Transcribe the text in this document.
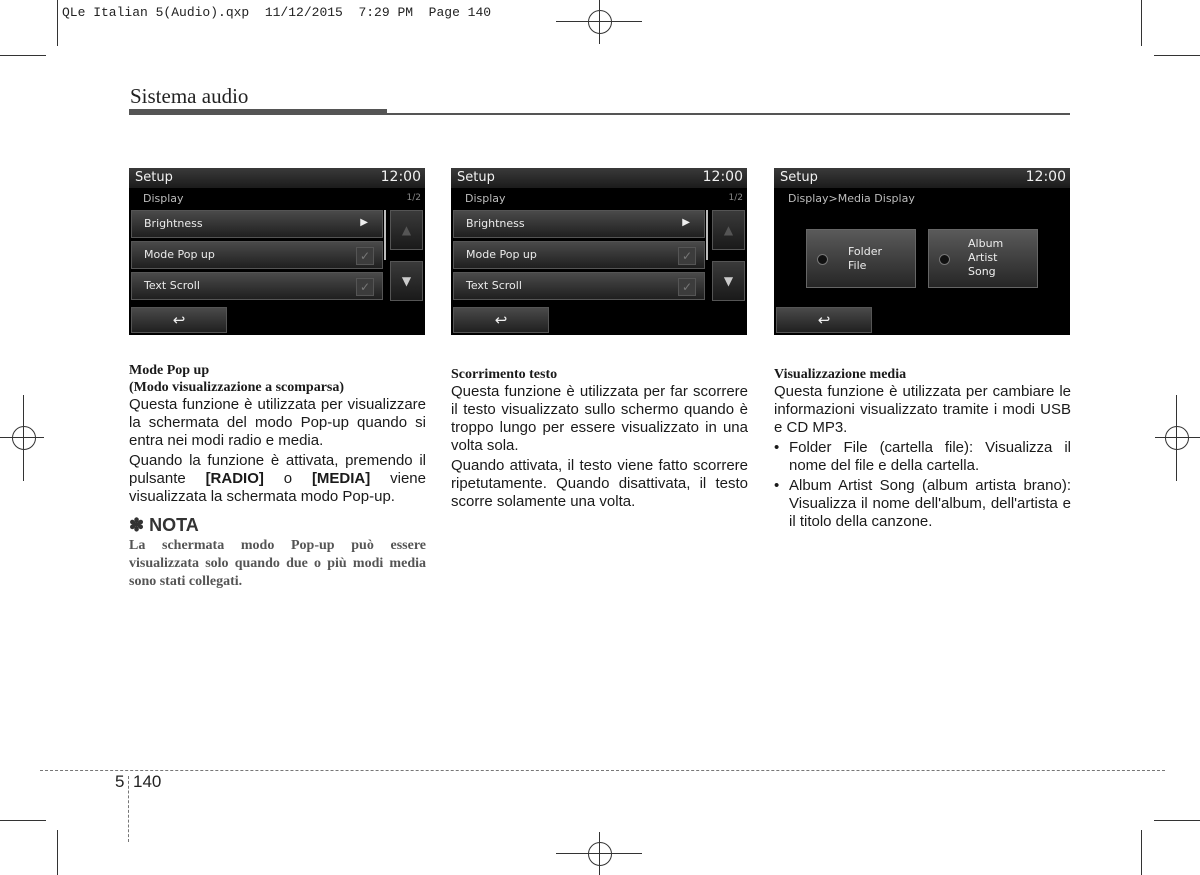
QLe Italian 5(Audio).qxp  11/12/2015  7:29 PM  Page 140
Sistema audio
Setup	12:00
Display	1/2
Brightness	▶
Mode Pop up	✓
Text Scroll	✓
▲
▼
↩
Setup	12:00
Display	1/2
Brightness	▶
Mode Pop up	✓
Text Scroll	✓
▲
▼
↩
Setup	12:00
Display>Media Display
Folder
File
Album
Artist
Song
↩
Mode Pop up
(Modo visualizzazione a scomparsa)

Questa funzione è utilizzata per visualizzare la schermata del modo Pop-up quando si entra nei modi radio e media.

Quando la funzione è attivata, premendo il pulsante [RADIO] o [MEDIA] viene visualizzata la schermata modo Pop-up.

✽ NOTA
La schermata modo Pop-up può essere visualizzata solo quando due o più modi media sono stati collegati.
Scorrimento testo

Questa funzione è utilizzata per far scorrere il testo visualizzato sullo schermo quando è troppo lungo per essere visualizzato in una volta sola.

Quando attivata, il testo viene fatto scorrere ripetutamente. Quando disattivata, il testo scorre solamente una volta.

Visualizzazione media

Questa funzione è utilizzata per cambiare le informazioni visualizzato tramite i modi USB e CD MP3.

• Folder File (cartella file): Visualizza il nome del file e della cartella.
• Album Artist Song (album artista brano): Visualizza il nome dell'album, dell'artista e il titolo della canzone.
5 140
